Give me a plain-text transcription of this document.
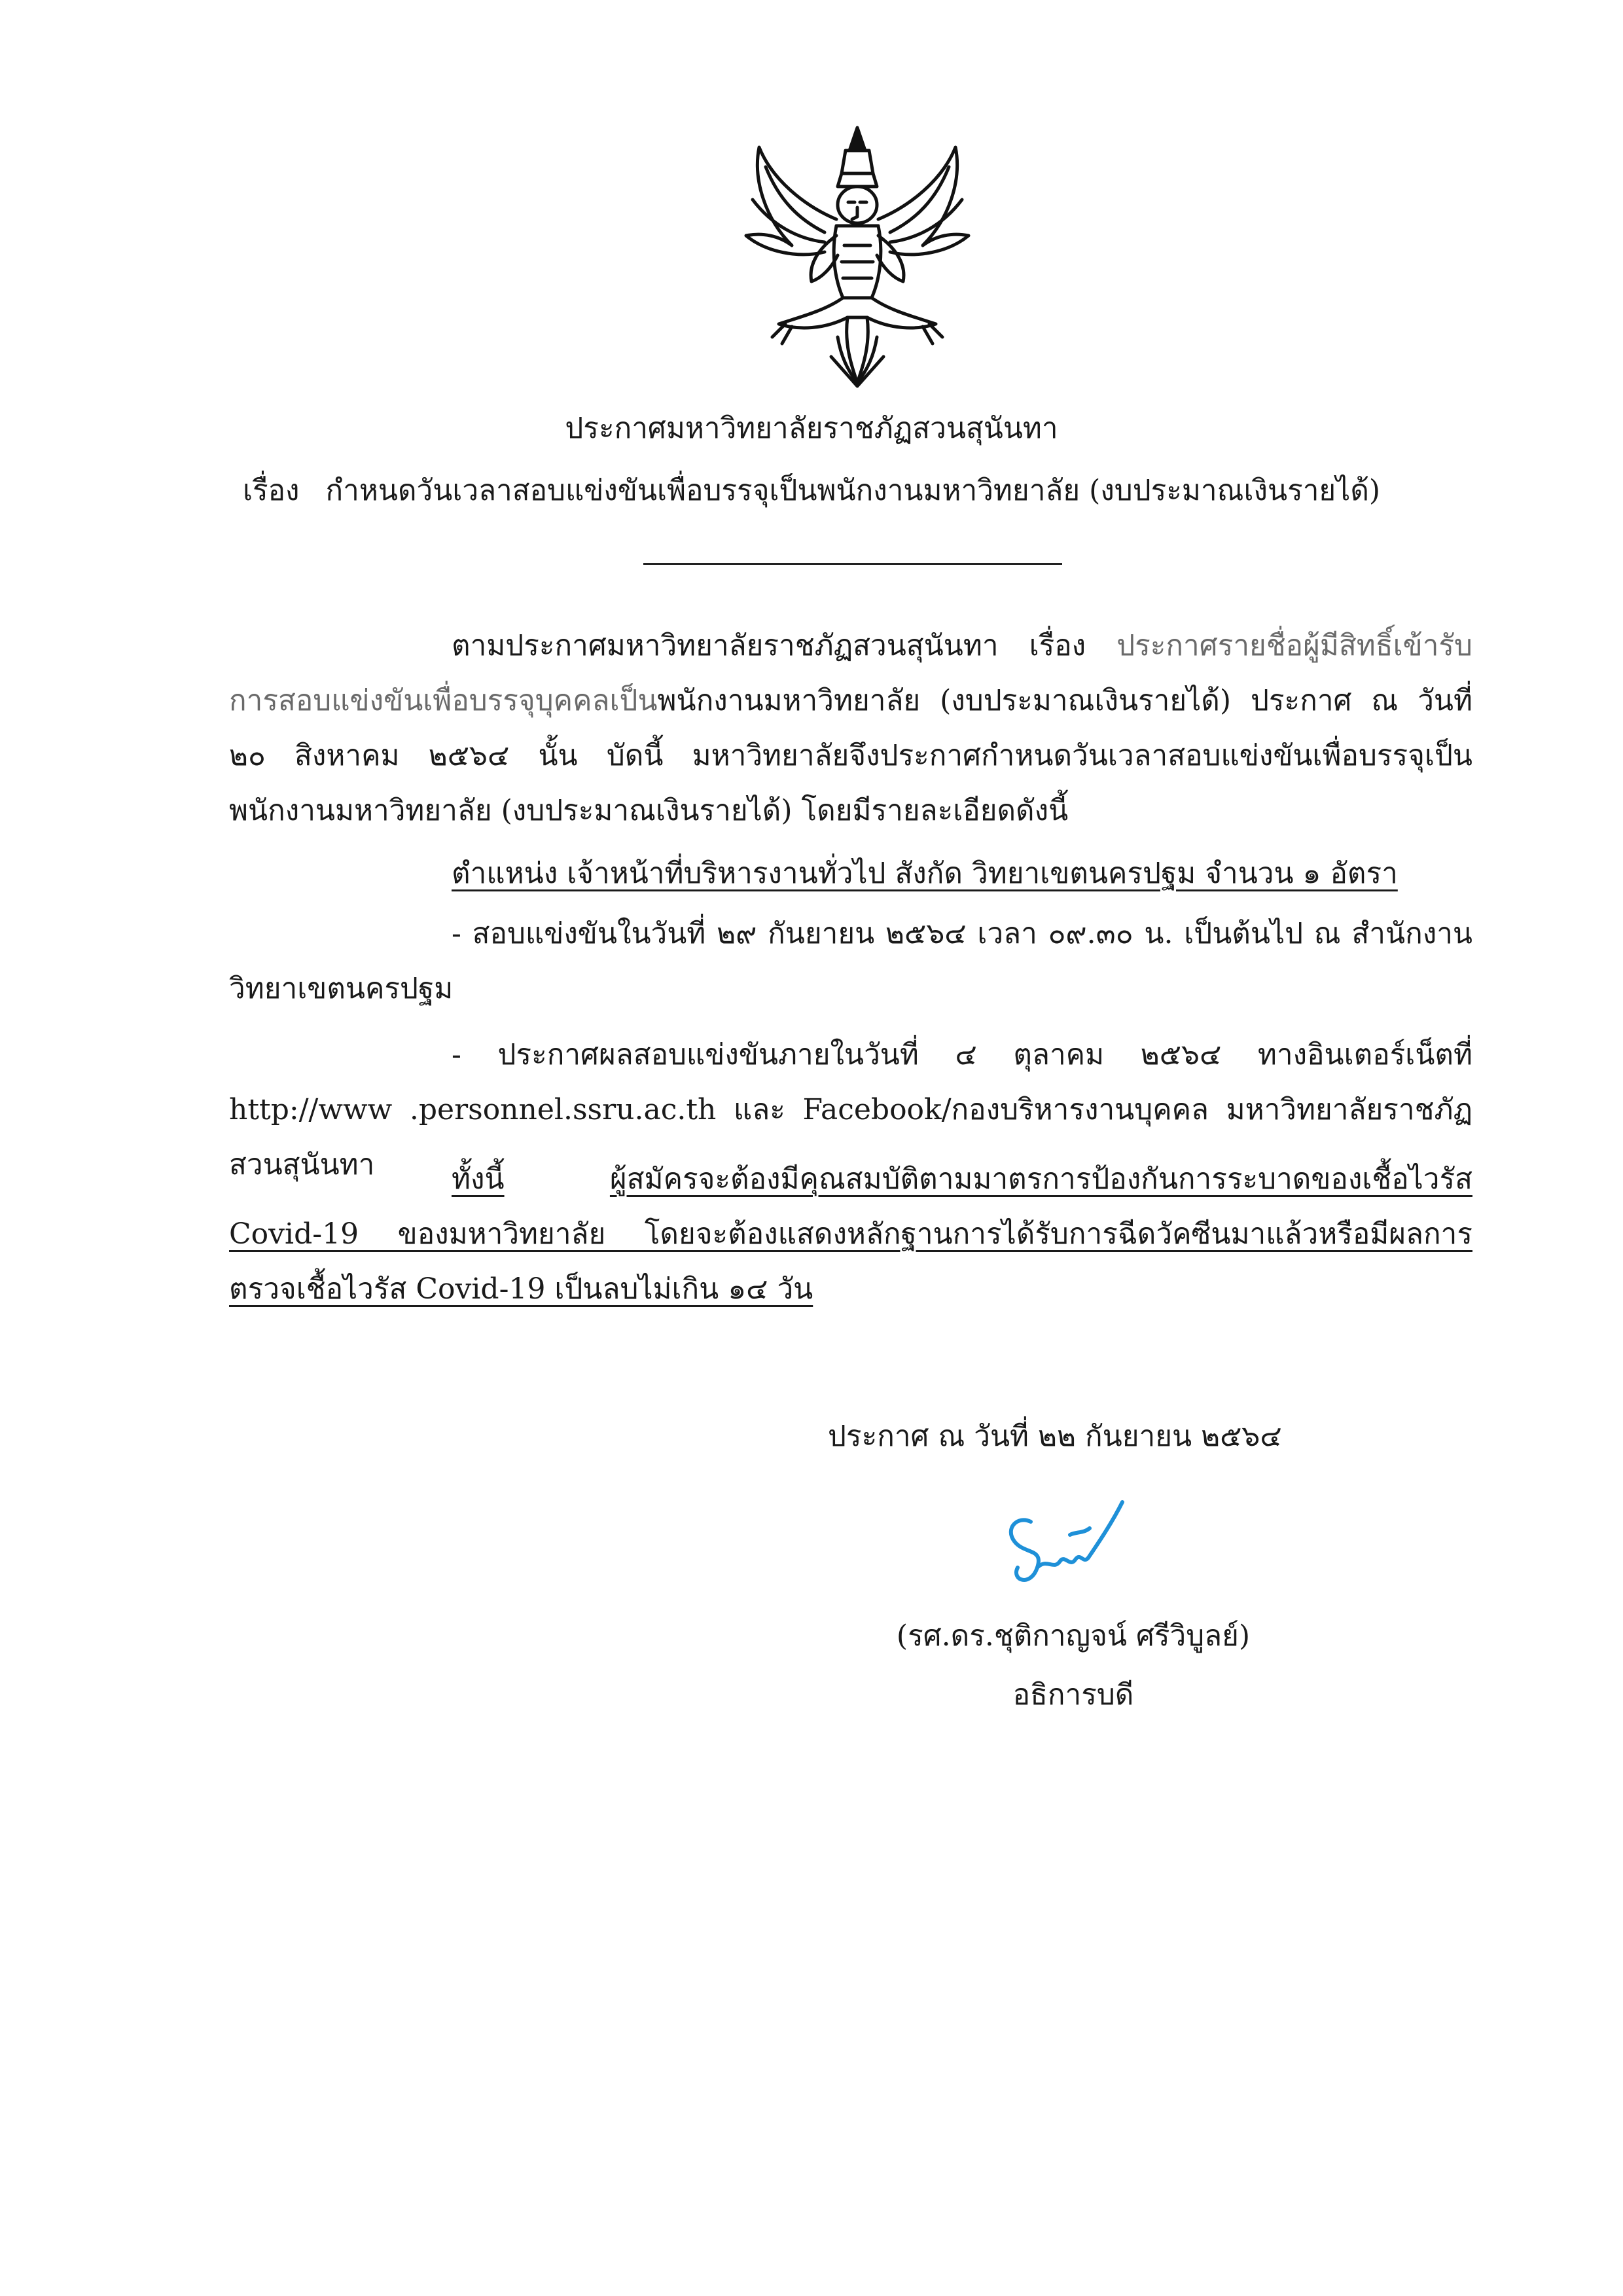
ประกาศมหาวิทยาลัยราชภัฏสวนสุนันทา
เรื่อง กำหนดวันเวลาสอบแข่งขันเพื่อบรรจุเป็นพนักงานมหาวิทยาลัย (งบประมาณเงินรายได้)
ตามประกาศมหาวิทยาลัยราชภัฏสวนสุนันทา เรื่อง ประกาศรายชื่อผู้มีสิทธิ์เข้ารับการสอบแข่งขันเพื่อบรรจุบุคคลเป็นพนักงานมหาวิทยาลัย (งบประมาณเงินรายได้) ประกาศ ณ วันที่ ๒๐ สิงหาคม ๒๕๖๔ นั้น บัดนี้ มหาวิทยาลัยจึงประกาศกำหนดวันเวลาสอบแข่งขันเพื่อบรรจุเป็นพนักงานมหาวิทยาลัย (งบประมาณเงินรายได้) โดยมีรายละเอียดดังนี้
ตำแหน่ง เจ้าหน้าที่บริหารงานทั่วไป สังกัด วิทยาเขตนครปฐม จำนวน ๑ อัตรา
- สอบแข่งขันในวันที่ ๒๙ กันยายน ๒๕๖๔ เวลา ๐๙.๓๐ น. เป็นต้นไป ณ สำนักงาน วิทยาเขตนครปฐม
- ประกาศผลสอบแข่งขันภายในวันที่ ๔ ตุลาคม ๒๕๖๔ ทางอินเตอร์เน็ตที่ http://www .personnel.ssru.ac.th และ Facebook/กองบริหารงานบุคคล มหาวิทยาลัยราชภัฏสวนสุนันทา	ทั้งนี้	ผู้สมัครจะต้องมีคุณสมบัติตามมาตรการป้องกันการระบาดของเชื้อไวรัส Covid-19 ของมหาวิทยาลัย โดยจะต้องแสดงหลักฐานการได้รับการฉีดวัคซีนมาแล้วหรือมีผลการตรวจเชื้อไวรัส Covid-19 เป็นลบไม่เกิน ๑๔ วัน
ประกาศ ณ วันที่ ๒๒ กันยายน ๒๕๖๔
(รศ.ดร.ชุติกาญจน์ ศรีวิบูลย์)
อธิการบดี
